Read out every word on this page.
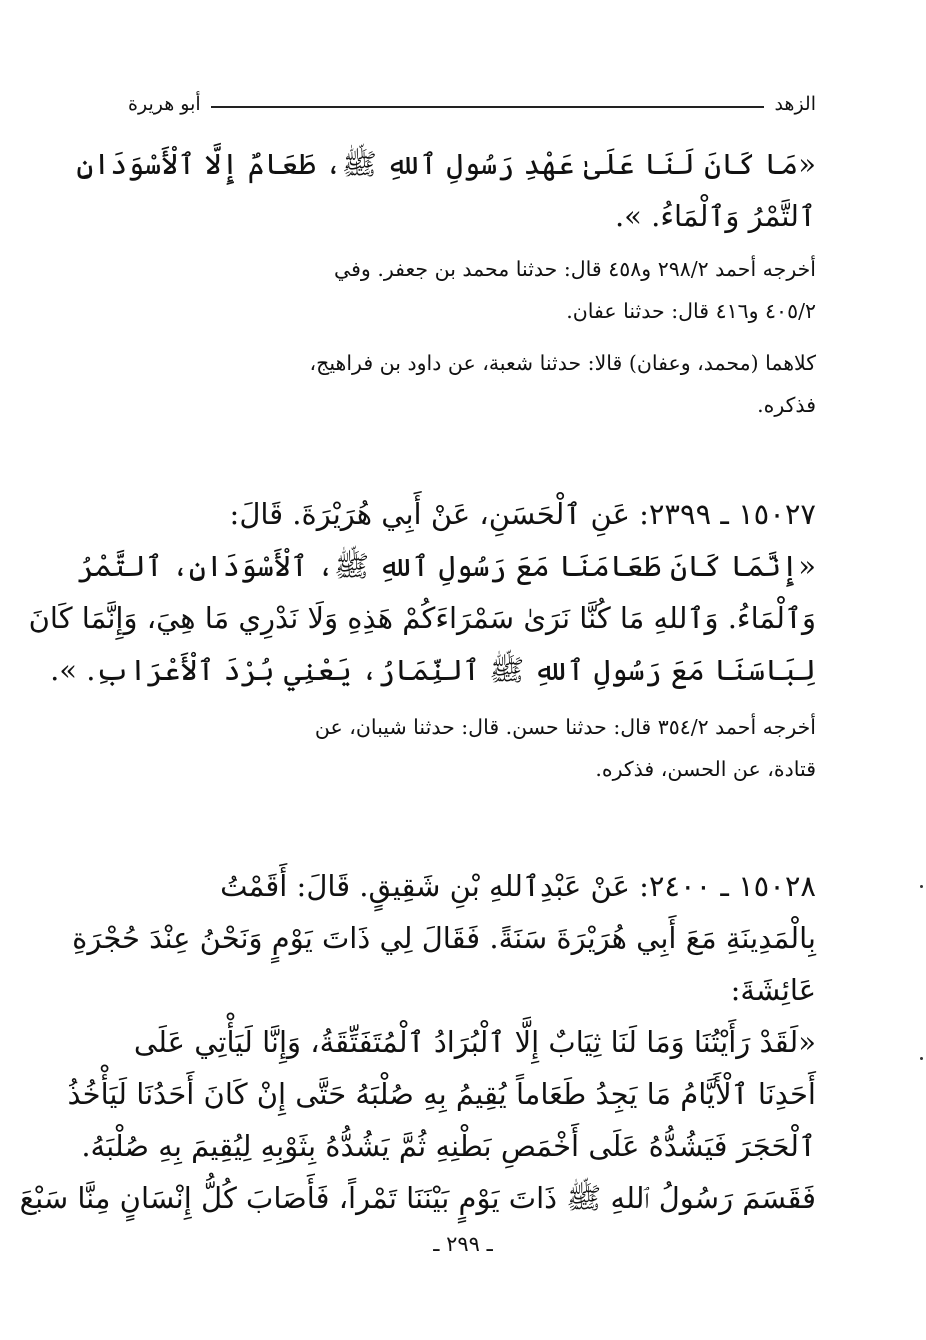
الزهد
أبو هريرة
«مَا كَانَ لَنَا عَلَىٰ عَهْدِ رَسُولِ ٱللهِ ﷺ، طَعَامٌ إِلَّا ٱلْأَسْوَدَانِ
ٱلتَّمْرُ وَٱلْمَاءُ. ».
أخرجه أحمد ٢٩٨/٢ و٤٥٨ قال: حدثنا محمد بن جعفر. وفي
٤٠٥/٢ و٤١٦ قال: حدثنا عفان.
كلاهما (محمد، وعفان) قالا: حدثنا شعبة، عن داود بن فراهيج،
فذكره.
١٥٠٢٧ ـ ٢٣٩٩: عَنِ ٱلْحَسَنِ، عَنْ أَبِي هُرَيْرَةَ. قَالَ:
«إِنَّمَا كَانَ طَعَامَنَا مَعَ رَسُولِ ٱللهِ ﷺ، ٱلْأَسْوَدَانِ، ٱلتَّمْرُ
وَٱلْمَاءُ. وَٱللهِ مَا كُنَّا نَرَىٰ سَمْرَاءَكُمْ هَذِهِ وَلَا نَدْرِي مَا هِيَ، وَإِنَّمَا كَانَ
لِبَاسَنَا مَعَ رَسُولِ ٱللهِ ﷺ ٱلنِّمَارُ، يَعْنِي بُرْدَ ٱلْأَعْرَابِ. ».
أخرجه أحمد ٣٥٤/٢ قال: حدثنا حسن. قال: حدثنا شيبان، عن
قتادة، عن الحسن، فذكره.
١٥٠٢٨ ـ ٢٤٠٠: عَنْ عَبْدِٱللهِ بْنِ شَقِيقٍ. قَالَ: أَقَمْتُ
بِالْمَدِينَةِ مَعَ أَبِي هُرَيْرَةَ سَنَةً. فَقَالَ لِي ذَاتَ يَوْمٍ وَنَحْنُ عِنْدَ حُجْرَةِ
عَائِشَةَ:
«لَقَدْ رَأَيْتُنَا وَمَا لَنَا ثِيَابٌ إِلَّا ٱلْبُرَادُ ٱلْمُتَفَتِّقَةُ، وَإِنَّا لَيَأْتِي عَلَى
أَحَدِنَا ٱلْأَيَّامُ مَا يَجِدُ طَعَاماً يُقِيمُ بِهِ صُلْبَهُ حَتَّى إِنْ كَانَ أَحَدُنَا لَيَأْخُذُ
ٱلْحَجَرَ فَيَشُدُّهُ عَلَى أَخْمَصِ بَطْنِهِ ثُمَّ يَشُدُّهُ بِثَوْبِهِ لِيُقِيمَ بِهِ صُلْبَهُ.
فَقَسَمَ رَسُولُ ٱللهِ ﷺ ذَاتَ يَوْمٍ بَيْنَنَا تَمْراً، فَأَصَابَ كُلُّ إِنْسَانٍ مِنَّا سَبْعَ
ـ ٢٩٩ ـ
